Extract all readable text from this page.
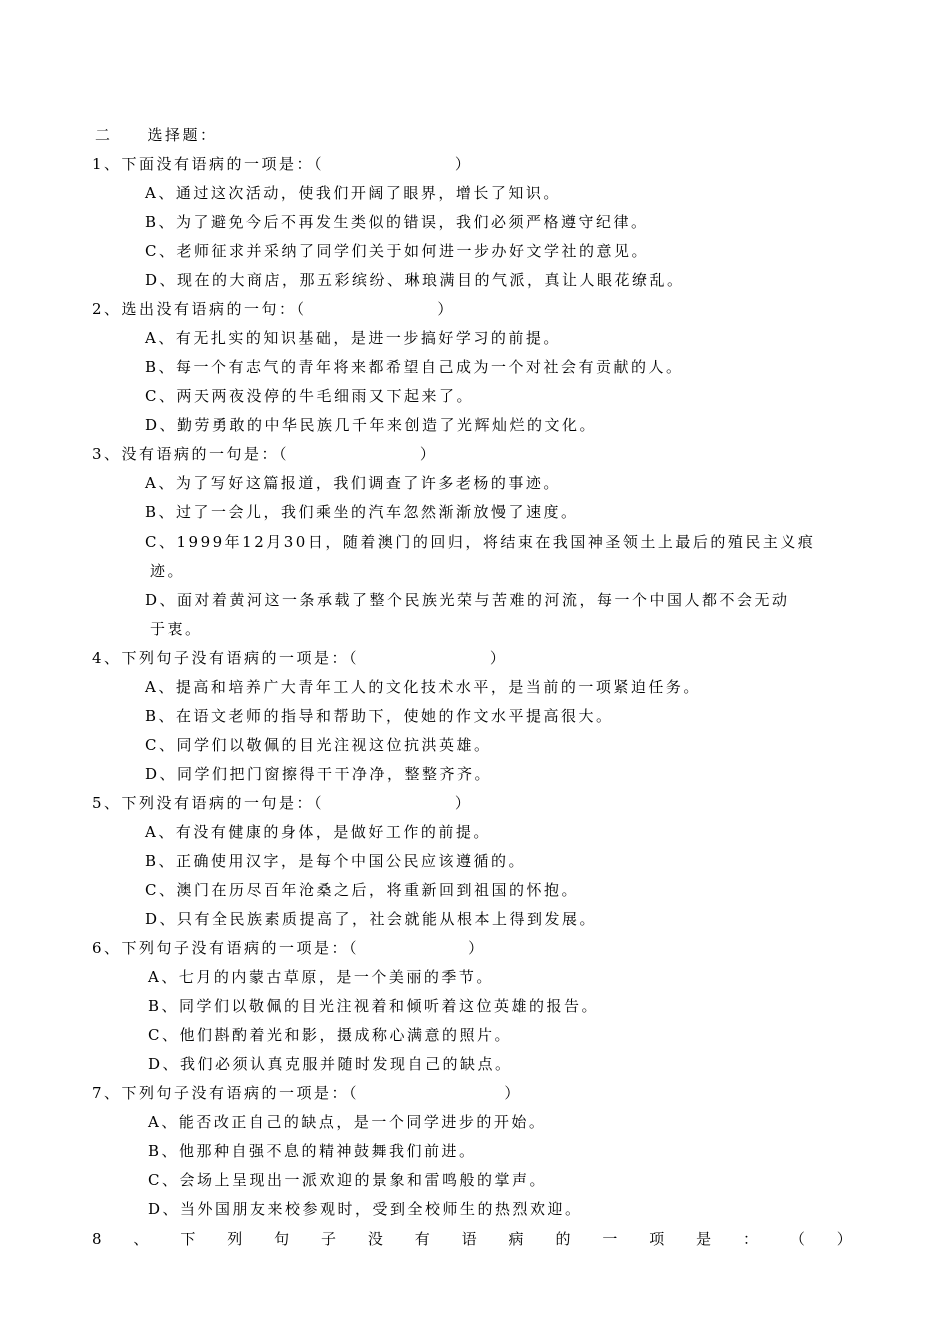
二　　选择题：
1、下面没有语病的一项是：（                  ）
A、通过这次活动，使我们开阔了眼界，增长了知识。
B、为了避免今后不再发生类似的错误，我们必须严格遵守纪律。
C、老师征求并采纳了同学们关于如何进一步办好文学社的意见。
D、现在的大商店，那五彩缤纷、琳琅满目的气派，真让人眼花缭乱。
2、选出没有语病的一句：（                  ）
A、有无扎实的知识基础，是进一步搞好学习的前提。
B、每一个有志气的青年将来都希望自己成为一个对社会有贡献的人。
C、两天两夜没停的牛毛细雨又下起来了。
D、勤劳勇敢的中华民族几千年来创造了光辉灿烂的文化。
3、没有语病的一句是：（                  ）
A、为了写好这篇报道，我们调查了许多老杨的事迹。
B、过了一会儿，我们乘坐的汽车忽然渐渐放慢了速度。
C、1999年12月30日，随着澳门的回归，将结束在我国神圣领土上最后的殖民主义痕
迹。
D、面对着黄河这一条承载了整个民族光荣与苦难的河流，每一个中国人都不会无动
于衷。
4、下列句子没有语病的一项是：（                  ）
A、提高和培养广大青年工人的文化技术水平，是当前的一项紧迫任务。
B、在语文老师的指导和帮助下，使她的作文水平提高很大。
C、同学们以敬佩的目光注视这位抗洪英雄。
D、同学们把门窗擦得干干净净，整整齐齐。
5、下列没有语病的一句是：（                  ）
A、有没有健康的身体，是做好工作的前提。
B、正确使用汉字，是每个中国公民应该遵循的。
C、澳门在历尽百年沧桑之后，将重新回到祖国的怀抱。
D、只有全民族素质提高了，社会就能从根本上得到发展。
6、下列句子没有语病的一项是：（               ）
A、七月的内蒙古草原，是一个美丽的季节。
B、同学们以敬佩的目光注视着和倾听着这位英雄的报告。
C、他们斟酌着光和影，摄成称心满意的照片。
D、我们必须认真克服并随时发现自己的缺点。
7、下列句子没有语病的一项是：（                    ）
A、能否改正自己的缺点，是一个同学进步的开始。
B、他那种自强不息的精神鼓舞我们前进。
C、会场上呈现出一派欢迎的景象和雷鸣般的掌声。
D、当外国朋友来校参观时，受到全校师生的热烈欢迎。
8 、 下 列 句 子 没 有 语 病 的 一 项 是 ： （ ）
